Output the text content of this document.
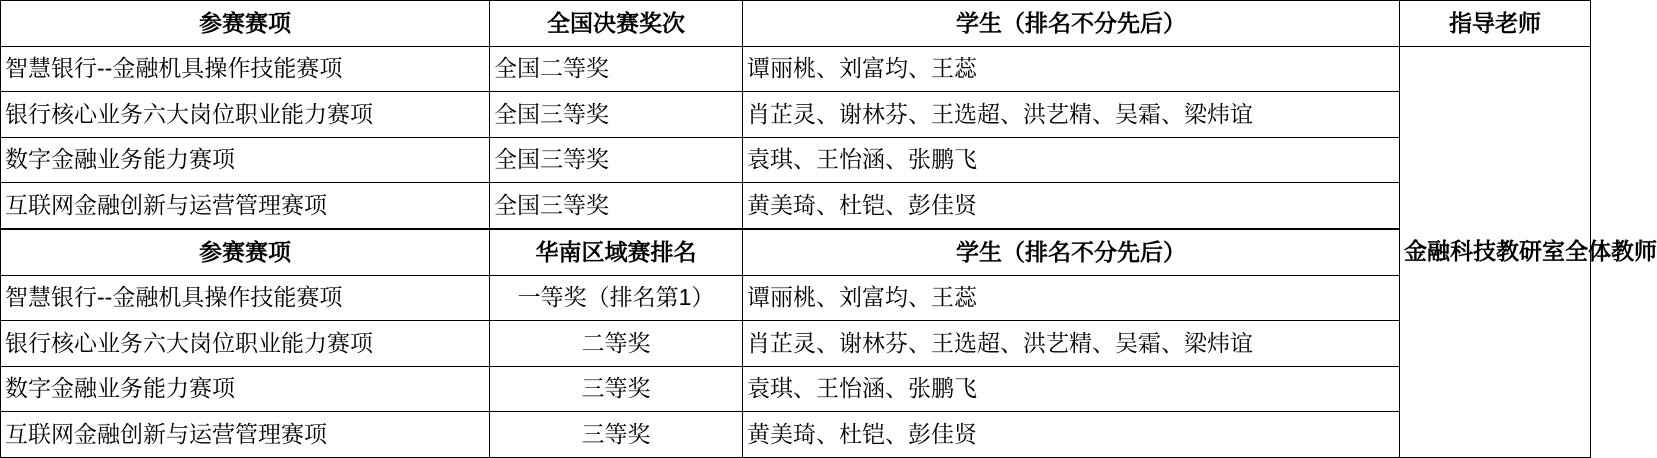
参赛赛项	全国决赛奖次	学生（排名不分先后）	指导老师
智慧银行--金融机具操作技能赛项	全国二等奖	谭丽桃、刘富均、王蕊	金融科技教研室全体教师
银行核心业务六大岗位职业能力赛项	全国三等奖	肖芷灵、谢林芬、王选超、洪艺精、吴霜、梁炜谊	
数字金融业务能力赛项	全国三等奖	袁琪、王怡涵、张鹏飞	
互联网金融创新与运营管理赛项	全国三等奖	黄美琦、杜铠、彭佳贤	

参赛赛项	华南区域赛排名	学生（排名不分先后）	
智慧银行--金融机具操作技能赛项	一等奖（排名第1）	谭丽桃、刘富均、王蕊	
银行核心业务六大岗位职业能力赛项	二等奖	肖芷灵、谢林芬、王选超、洪艺精、吴霜、梁炜谊	
数字金融业务能力赛项	三等奖	袁琪、王怡涵、张鹏飞	
互联网金融创新与运营管理赛项	三等奖	黄美琦、杜铠、彭佳贤	
